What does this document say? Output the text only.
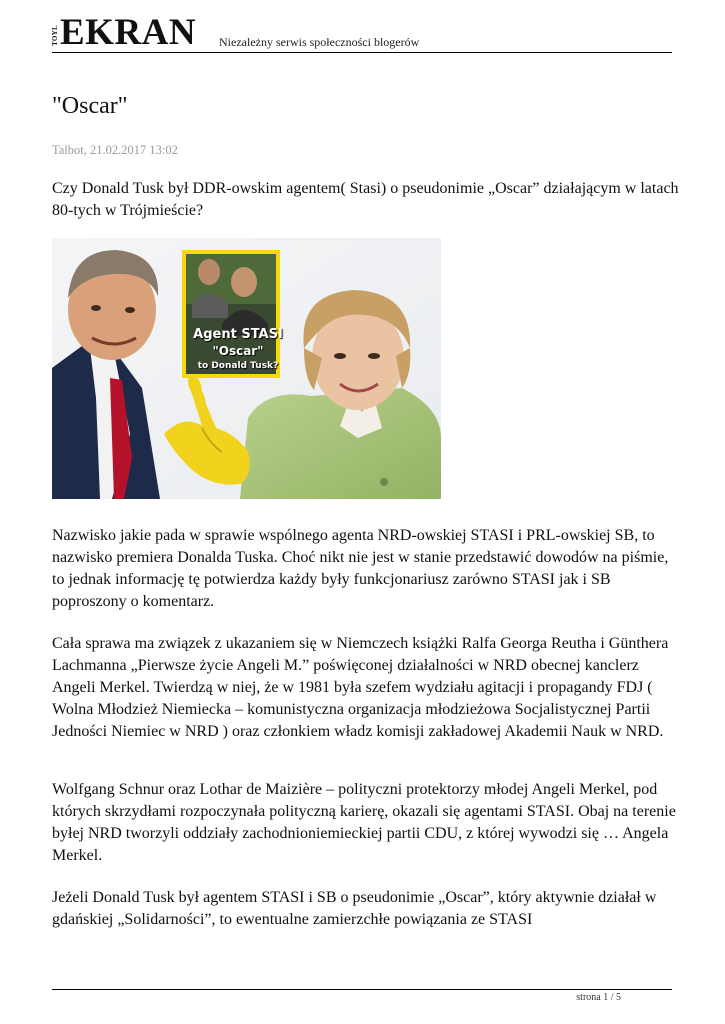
TOYL EKRAN Niezależny serwis społeczności blogerów
"Oscar"
Talbot, 21.02.2017 13:02
Czy Donald Tusk był DDR-owskim agentem( Stasi) o pseudonimie „Oscar” działającym w latach 80-tych w Trójmieście?
Agent STASI
"Oscar"
to Donald Tusk?
Nazwisko jakie pada w sprawie wspólnego agenta NRD-owskiej STASI i PRL-owskiej SB, to nazwisko premiera Donalda Tuska. Choć nikt nie jest w stanie przedstawić dowodów na piśmie, to jednak informację tę potwierdza każdy były funkcjonariusz zarówno STASI jak i SB poproszony o komentarz.
Cała sprawa ma związek z ukazaniem się w Niemczech książki Ralfa Georga Reutha i Günthera Lachmanna „Pierwsze życie Angeli M.” poświęconej działalności w NRD obecnej kanclerz Angeli Merkel. Twierdzą w niej, że w 1981 była szefem wydziału agitacji i propagandy FDJ ( Wolna Młodzież Niemiecka – komunistyczna organizacja młodzieżowa Socjalistycznej Partii Jedności Niemiec w NRD ) oraz członkiem władz komisji zakładowej Akademii Nauk w NRD.
Wolfgang Schnur oraz Lothar de Maizière – polityczni protektorzy młodej Angeli Merkel, pod których skrzydłami rozpoczynała polityczną karierę, okazali się agentami STASI. Obaj na terenie byłej NRD tworzyli oddziały zachodnioniemieckiej partii CDU, z której wywodzi się … Angela Merkel.
Jeżeli Donald Tusk był agentem STASI i SB o pseudonimie „Oscar”, który aktywnie działał w gdańskiej „Solidarności”, to ewentualne zamierzchłe powiązania ze STASI
strona 1 / 5
